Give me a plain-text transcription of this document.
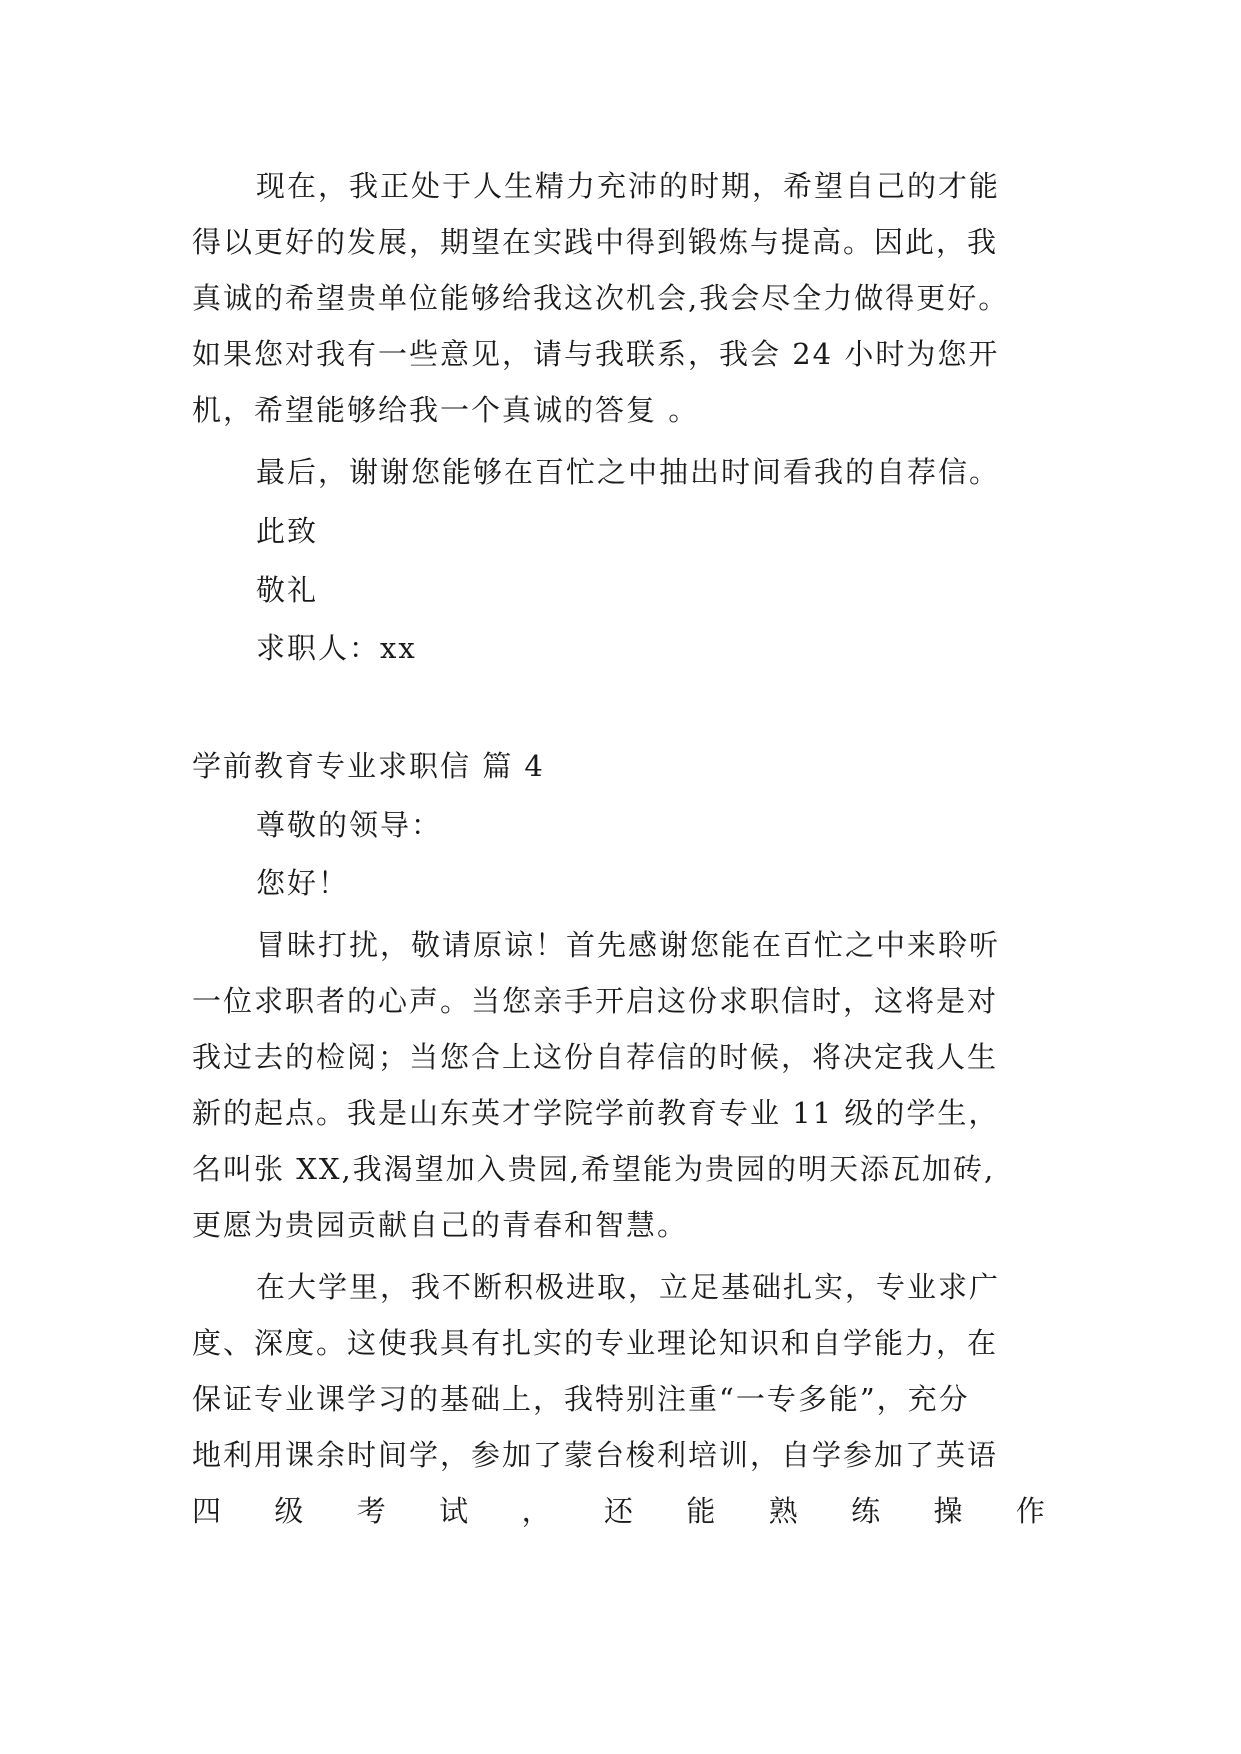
现在，我正处于人生精力充沛的时期，希望自己的才能
得以更好的发展，期望在实践中得到锻炼与提高。因此，我
真诚的希望贵单位能够给我这次机会,我会尽全力做得更好。
如果您对我有一些意见，请与我联系，我会 24 小时为您开
机，希望能够给我一个真诚的答复 。
最后，谢谢您能够在百忙之中抽出时间看我的自荐信。
此致
敬礼
求职人：xx
学前教育专业求职信 篇 4
尊敬的领导：
您好！
冒昧打扰，敬请原谅！首先感谢您能在百忙之中来聆听
一位求职者的心声。当您亲手开启这份求职信时，这将是对
我过去的检阅；当您合上这份自荐信的时候，将决定我人生
新的起点。我是山东英才学院学前教育专业 11 级的学生，
名叫张 XX,我渴望加入贵园,希望能为贵园的明天添瓦加砖,
更愿为贵园贡献自己的青春和智慧。
在大学里，我不断积极进取，立足基础扎实，专业求广
度、深度。这使我具有扎实的专业理论知识和自学能力，在
保证专业课学习的基础上，我特别注重“一专多能”，充分
地利用课余时间学，参加了蒙台梭利培训，自学参加了英语
四 级 考 试 ， 还 能 熟 练 操 作
